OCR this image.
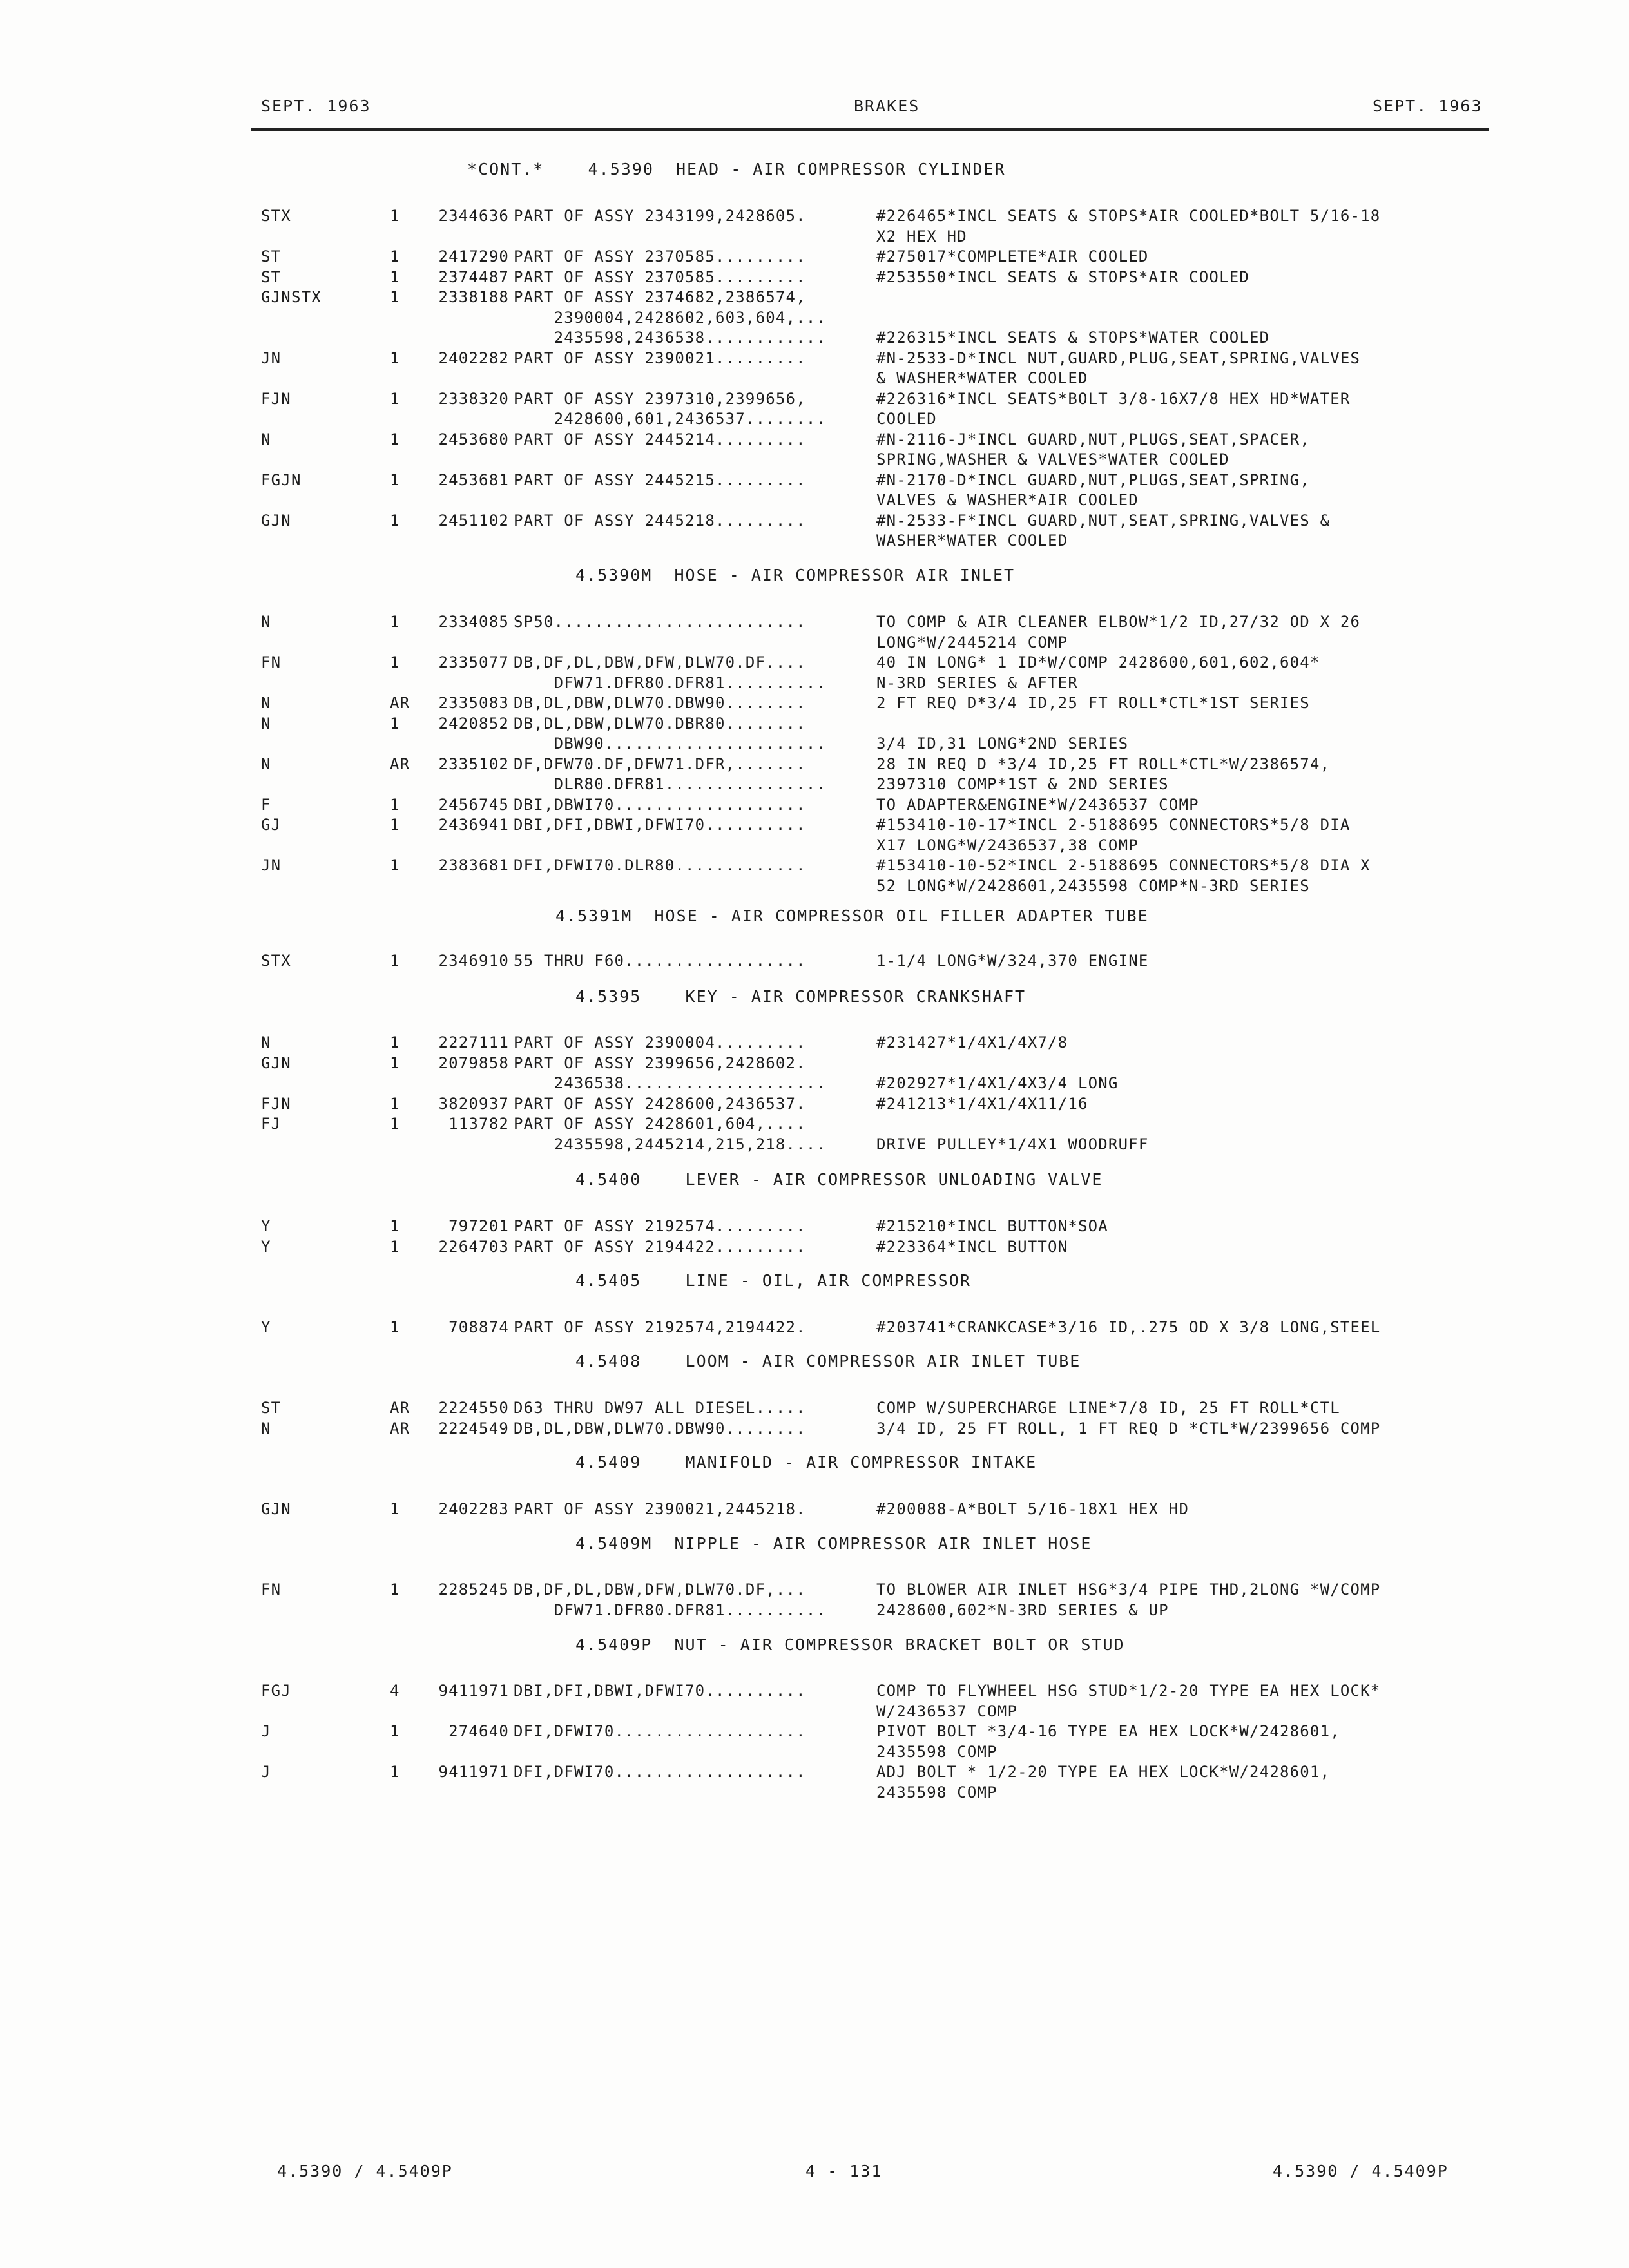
SEPT. 1963	BRAKES	SEPT. 1963
*CONT.*    4.5390  HEAD - AIR COMPRESSOR CYLINDER
STX	1	2344636 PART OF ASSY 2343199,2428605.	#226465*INCL SEATS & STOPS*AIR COOLED*BOLT 5/16-18
X2 HEX HD
ST	1	2417290 PART OF ASSY 2370585.........	#275017*COMPLETE*AIR COOLED
ST	1	2374487 PART OF ASSY 2370585.........	#253550*INCL SEATS & STOPS*AIR COOLED
GJNSTX	1	2338188 PART OF ASSY 2374682,2386574,
2390004,2428602,603,604,...
2435598,2436538............	#226315*INCL SEATS & STOPS*WATER COOLED
JN	1	2402282 PART OF ASSY 2390021.........	#N-2533-D*INCL NUT,GUARD,PLUG,SEAT,SPRING,VALVES
& WASHER*WATER COOLED
FJN	1	2338320 PART OF ASSY 2397310,2399656,	#226316*INCL SEATS*BOLT 3/8-16X7/8 HEX HD*WATER
2428600,601,2436537........	COOLED
N	1	2453680 PART OF ASSY 2445214.........	#N-2116-J*INCL GUARD,NUT,PLUGS,SEAT,SPACER,
SPRING,WASHER & VALVES*WATER COOLED
FGJN	1	2453681 PART OF ASSY 2445215.........	#N-2170-D*INCL GUARD,NUT,PLUGS,SEAT,SPRING,
VALVES & WASHER*AIR COOLED
GJN	1	2451102 PART OF ASSY 2445218.........	#N-2533-F*INCL GUARD,NUT,SEAT,SPRING,VALVES &
WASHER*WATER COOLED
4.5390M  HOSE - AIR COMPRESSOR AIR INLET
N	1	2334085 SP50.........................	TO COMP & AIR CLEANER ELBOW*1/2 ID,27/32 OD X 26
LONG*W/2445214 COMP
FN	1	2335077 DB,DF,DL,DBW,DFW,DLW70.DF....	40 IN LONG* 1 ID*W/COMP 2428600,601,602,604*
DFW71.DFR80.DFR81..........	N-3RD SERIES & AFTER
N	AR	2335083 DB,DL,DBW,DLW70.DBW90........	2 FT REQ D*3/4 ID,25 FT ROLL*CTL*1ST SERIES
N	1	2420852 DB,DL,DBW,DLW70.DBR80........
DBW90......................	3/4 ID,31 LONG*2ND SERIES
N	AR	2335102 DF,DFW70.DF,DFW71.DFR,.......	28 IN REQ D *3/4 ID,25 FT ROLL*CTL*W/2386574,
DLR80.DFR81................	2397310 COMP*1ST & 2ND SERIES
F	1	2456745 DBI,DBWI70...................	TO ADAPTER&ENGINE*W/2436537 COMP
GJ	1	2436941 DBI,DFI,DBWI,DFWI70..........	#153410-10-17*INCL 2-5188695 CONNECTORS*5/8 DIA
X17 LONG*W/2436537,38 COMP
JN	1	2383681 DFI,DFWI70.DLR80.............	#153410-10-52*INCL 2-5188695 CONNECTORS*5/8 DIA X
52 LONG*W/2428601,2435598 COMP*N-3RD SERIES
4.5391M  HOSE - AIR COMPRESSOR OIL FILLER ADAPTER TUBE
STX	1	2346910 55 THRU F60..................	1-1/4 LONG*W/324,370 ENGINE
4.5395    KEY - AIR COMPRESSOR CRANKSHAFT
N	1	2227111 PART OF ASSY 2390004.........	#231427*1/4X1/4X7/8
GJN	1	2079858 PART OF ASSY 2399656,2428602.
2436538....................	#202927*1/4X1/4X3/4 LONG
FJN	1	3820937 PART OF ASSY 2428600,2436537.	#241213*1/4X1/4X11/16
FJ	1	113782 PART OF ASSY 2428601,604,....
2435598,2445214,215,218....	DRIVE PULLEY*1/4X1 WOODRUFF
4.5400    LEVER - AIR COMPRESSOR UNLOADING VALVE
Y	1	797201 PART OF ASSY 2192574.........	#215210*INCL BUTTON*SOA
Y	1	2264703 PART OF ASSY 2194422.........	#223364*INCL BUTTON
4.5405    LINE - OIL, AIR COMPRESSOR
Y	1	708874 PART OF ASSY 2192574,2194422.	#203741*CRANKCASE*3/16 ID,.275 OD X 3/8 LONG,STEEL
4.5408    LOOM - AIR COMPRESSOR AIR INLET TUBE
ST	AR	2224550 D63 THRU DW97 ALL DIESEL.....	COMP W/SUPERCHARGE LINE*7/8 ID, 25 FT ROLL*CTL
N	AR	2224549 DB,DL,DBW,DLW70.DBW90........	3/4 ID, 25 FT ROLL, 1 FT REQ D *CTL*W/2399656 COMP
4.5409    MANIFOLD - AIR COMPRESSOR INTAKE
GJN	1	2402283 PART OF ASSY 2390021,2445218.	#200088-A*BOLT 5/16-18X1 HEX HD
4.5409M  NIPPLE - AIR COMPRESSOR AIR INLET HOSE
FN	1	2285245 DB,DF,DL,DBW,DFW,DLW70.DF,...	TO BLOWER AIR INLET HSG*3/4 PIPE THD,2LONG *W/COMP
DFW71.DFR80.DFR81..........	2428600,602*N-3RD SERIES & UP
4.5409P  NUT - AIR COMPRESSOR BRACKET BOLT OR STUD
FGJ	4	9411971 DBI,DFI,DBWI,DFWI70..........	COMP TO FLYWHEEL HSG STUD*1/2-20 TYPE EA HEX LOCK*
W/2436537 COMP
J	1	274640 DFI,DFWI70...................	PIVOT BOLT *3/4-16 TYPE EA HEX LOCK*W/2428601,
2435598 COMP
J	1	9411971 DFI,DFWI70...................	ADJ BOLT * 1/2-20 TYPE EA HEX LOCK*W/2428601,
2435598 COMP
4.5390 / 4.5409P	4 - 131	4.5390 / 4.5409P
